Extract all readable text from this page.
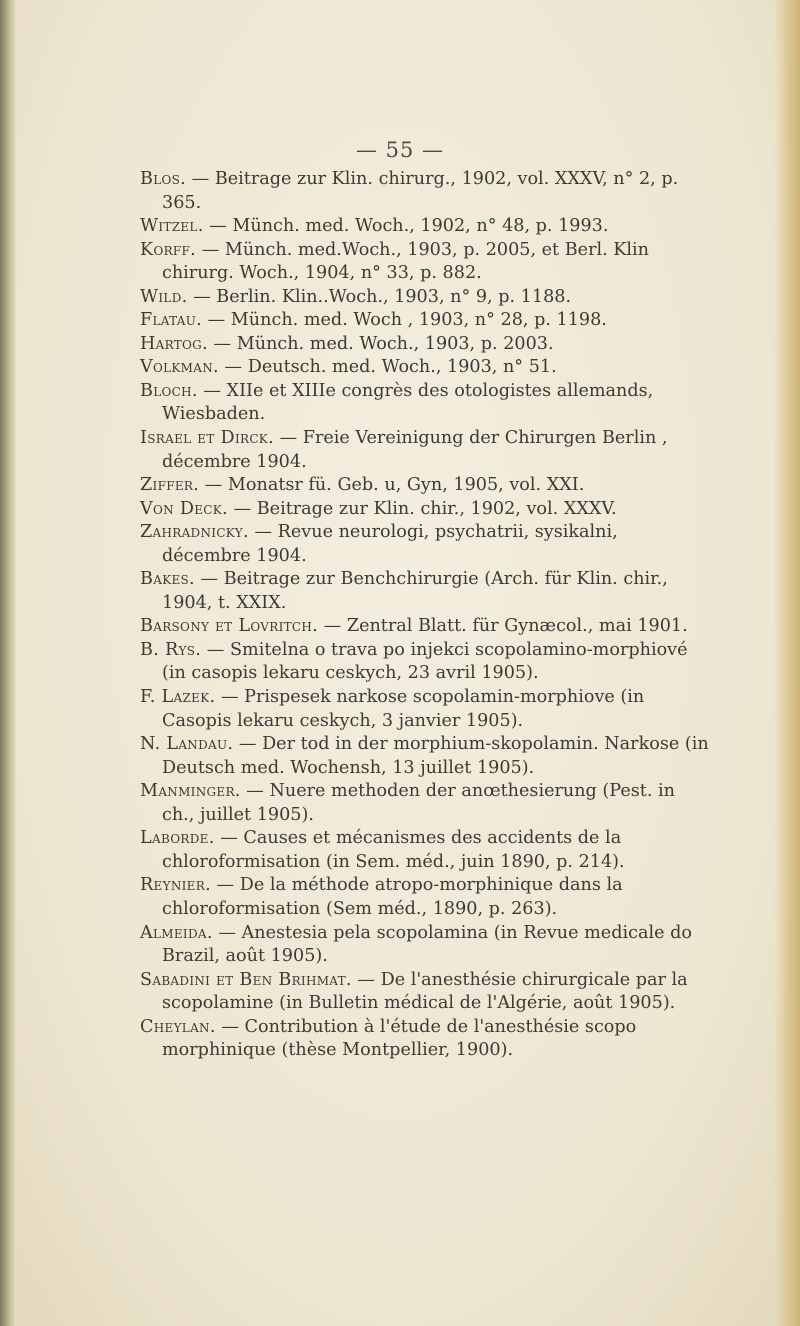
— 55 —

Blos. — Beitrage zur Klin. chirurg., 1902, vol. XXXV, n° 2, p. 365.

Witzel. — Münch. med. Woch., 1902, n° 48, p. 1993.

Korff. — Münch. med.Woch., 1903, p. 2005, et Berl. Klin chirurg. Woch., 1904, n° 33, p. 882.

Wild. — Berlin. Klin..Woch., 1903, n° 9, p. 1188.

Flatau. — Münch. med. Woch , 1903, n° 28, p. 1198.

Hartog. — Münch. med. Woch., 1903, p. 2003.

Volkman. — Deutsch. med. Woch., 1903, n° 51.

Bloch. — XIIe et XIIIe congrès des otologistes allemands, Wiesbaden.

Israel et Dirck. — Freie Vereinigung der Chirurgen Berlin , décembre 1904.

Ziffer. — Monatsr fü. Geb. u, Gyn, 1905, vol. XXI.

Von Deck. — Beitrage zur Klin. chir., 1902, vol. XXXV.

Zahradnicky. — Revue neurologi, psychatrii, sysikalni, décembre 1904.

Bakes. — Beitrage zur Benchchirurgie (Arch. für Klin. chir., 1904, t. XXIX.

Barsony et Lovritch. — Zentral Blatt. für Gynæcol., mai 1901.

B. Rys. — Smitelna o trava po injekci scopolamino-morphiové (in casopis lekaru ceskych, 23 avril 1905).

F. Lazek. — Prispesek narkose scopolamin-morphiove (in Casopis lekaru ceskych, 3 janvier 1905).

N. Landau. — Der tod in der morphium-skopolamin. Narkose (in Deutsch med. Wochensh, 13 juillet 1905).

Manminger. — Nuere methoden der anœthesierung (Pest. in ch., juillet 1905).

Laborde. — Causes et mécanismes des accidents de la chloroformisation (in Sem. méd., juin 1890, p. 214).

Reynier. — De la méthode atropo-morphinique dans la chloroformisation (Sem méd., 1890, p. 263).

Almeida. — Anestesia pela scopolamina (in Revue medicale do Brazil, août 1905).

Sabadini et Ben Brihmat. — De l'anesthésie chirurgicale par la scopolamine (in Bulletin médical de l'Algérie, août 1905).

Cheylan. — Contribution à l'étude de l'anesthésie scopo morphinique (thèse Montpellier, 1900).
